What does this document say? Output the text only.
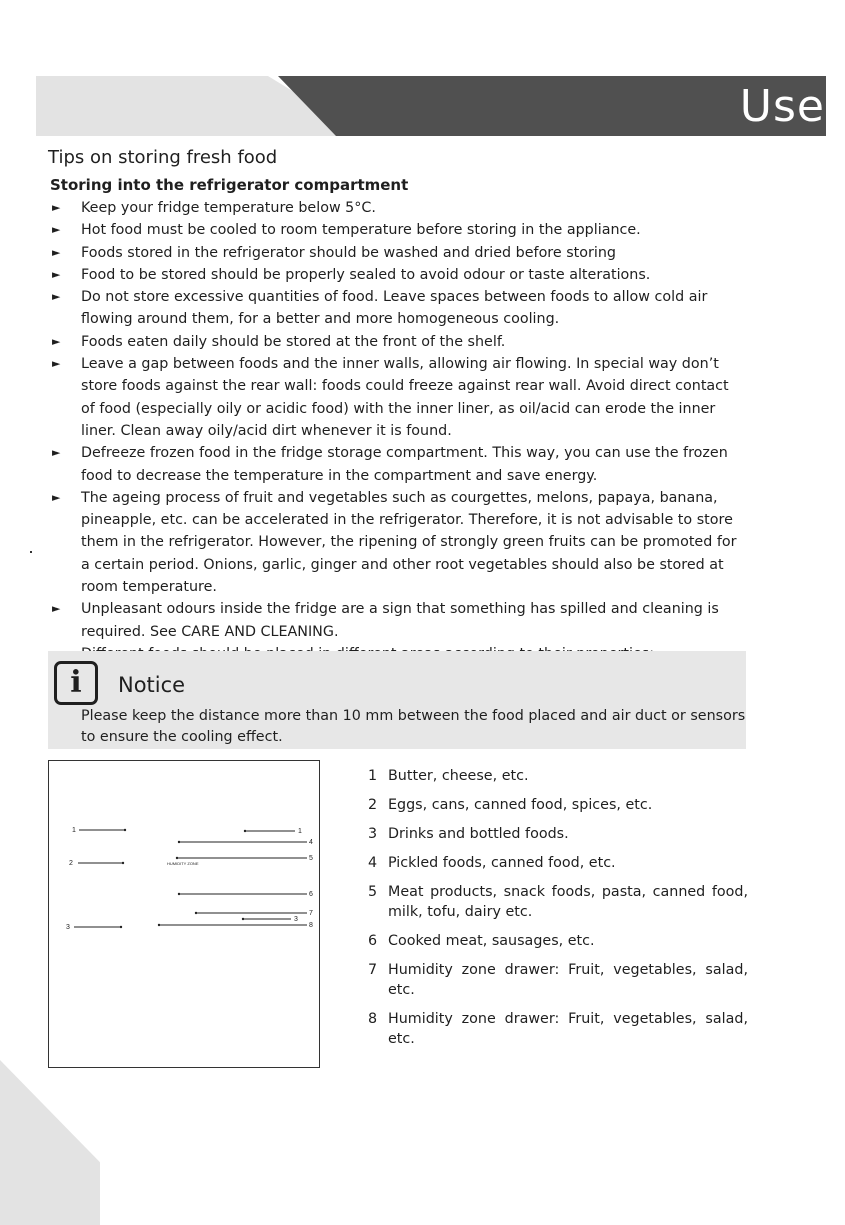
Use
Tips on storing fresh food
Storing into the refrigerator compartment
► Keep your fridge temperature below 5°C.
► Hot food must be cooled to room temperature before storing in the appliance.
► Foods stored in the refrigerator should be washed and dried before storing
► Food to be stored should be properly sealed to avoid odour or taste alterations.
► Do not store excessive quantities of food. Leave spaces between foods to allow cold air flowing around them, for a better and more homogeneous cooling.
► Foods eaten daily should be stored at the front of the shelf.
► Leave a gap between foods and the inner walls, allowing air flowing. In special way don’t store foods against the rear wall: foods could freeze against rear wall. Avoid direct contact of food (especially oily or acidic food) with the inner liner, as oil/acid can erode the inner liner. Clean away oily/acid dirt whenever it is found.
► Defreeze frozen food in the fridge storage compartment. This way, you can use the frozen food to decrease the temperature in the compartment and save energy.
► The ageing process of fruit and vegetables such as courgettes, melons, papaya, banana, pineapple, etc. can be accelerated in the refrigerator. Therefore, it is not advisable to store them in the refrigerator. However, the ripening of strongly green fruits can be promoted for a certain period. Onions, garlic, ginger and other root vegetables should also be stored at room temperature.
► Unpleasant odours inside the fridge are a sign that something has spilled and cleaning is required. See CARE AND CLEANING.
i	Notice
Please keep the distance more than 10 mm between the food placed and air duct or sensors to ensure the cooling effect.
1
2
3
1
4
5
6
7
3
8
HUMIDITY ZONE
1 Butter, cheese, etc.
2 Eggs, cans, canned food, spices, etc.
3 Drinks and bottled foods.
4 Pickled foods, canned food, etc.
5 Meat products, snack foods, pasta, canned food, milk, tofu, dairy etc.
6 Cooked meat, sausages, etc.
7 Humidity zone drawer: Fruit, vegetables, salad, etc.
8 Humidity zone drawer: Fruit, vegetables, salad, etc.
